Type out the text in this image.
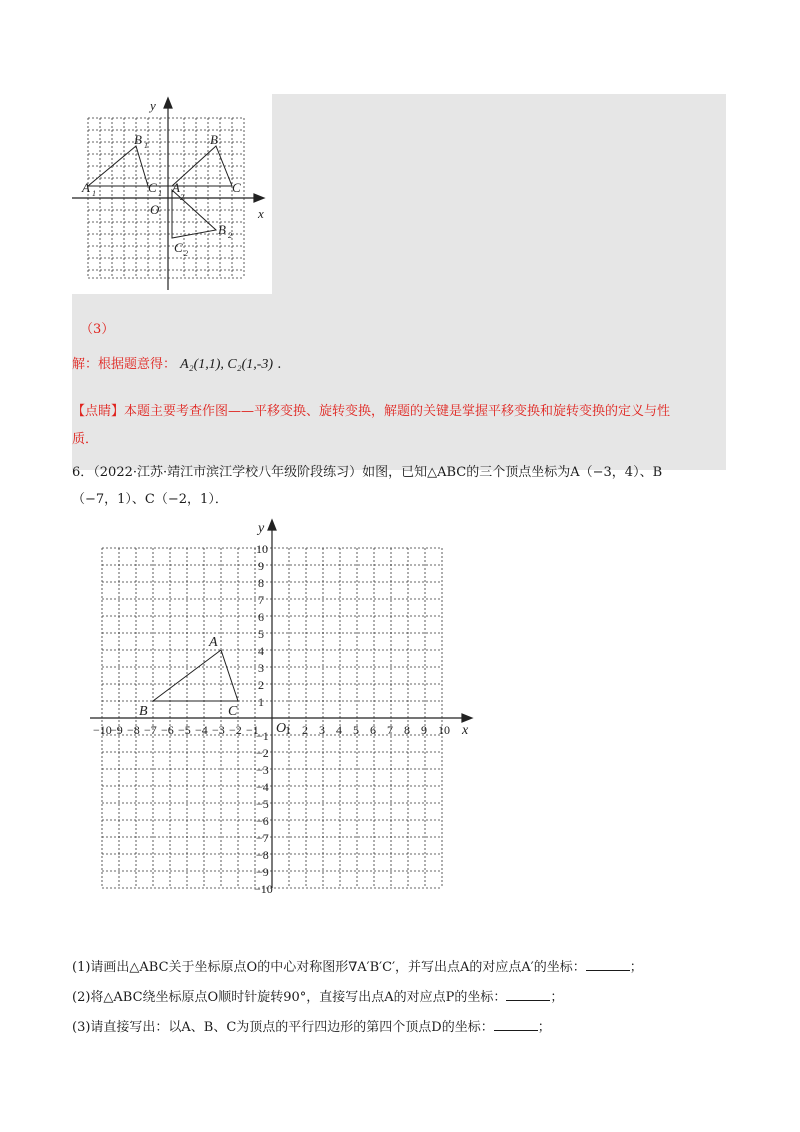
x
y
O
B 1
A 1	C 1 A
2
B
C
B 2
C 2
（3）
解：根据题意得： A₂(1,1), C₂(1,-3) .
【点睛】本题主要考查作图——平移变换、旋转变换，解题的关键是掌握平移变换和旋转变换的定义与性
质．
6．（2022·江苏·靖江市滨江学校八年级阶段练习）如图，已知△ABC的三个顶点坐标为A（−3，4）、B
（−7，1）、C（−2，1）．
−10
−9 −8 −7 −6 −5 −4 −3 −2 −1 1 2 3 4 5 6 7 8 9 10
10
9
8
7
6
5
4
3
2
1
−1
−2
−3
−4
−5
−6
−7
−8
−9
−10
x
y
O
A
B	C
(1)请画出△ABC关于坐标原点O的中心对称图形∇A′B′C′，并写出点A的对应点A′的坐标：	；
(2)将△ABC绕坐标原点O顺时针旋转90°，直接写出点A的对应点P的坐标：	；
(3)请直接写出：以A、B、C为顶点的平行四边形的第四个顶点D的坐标：	；
